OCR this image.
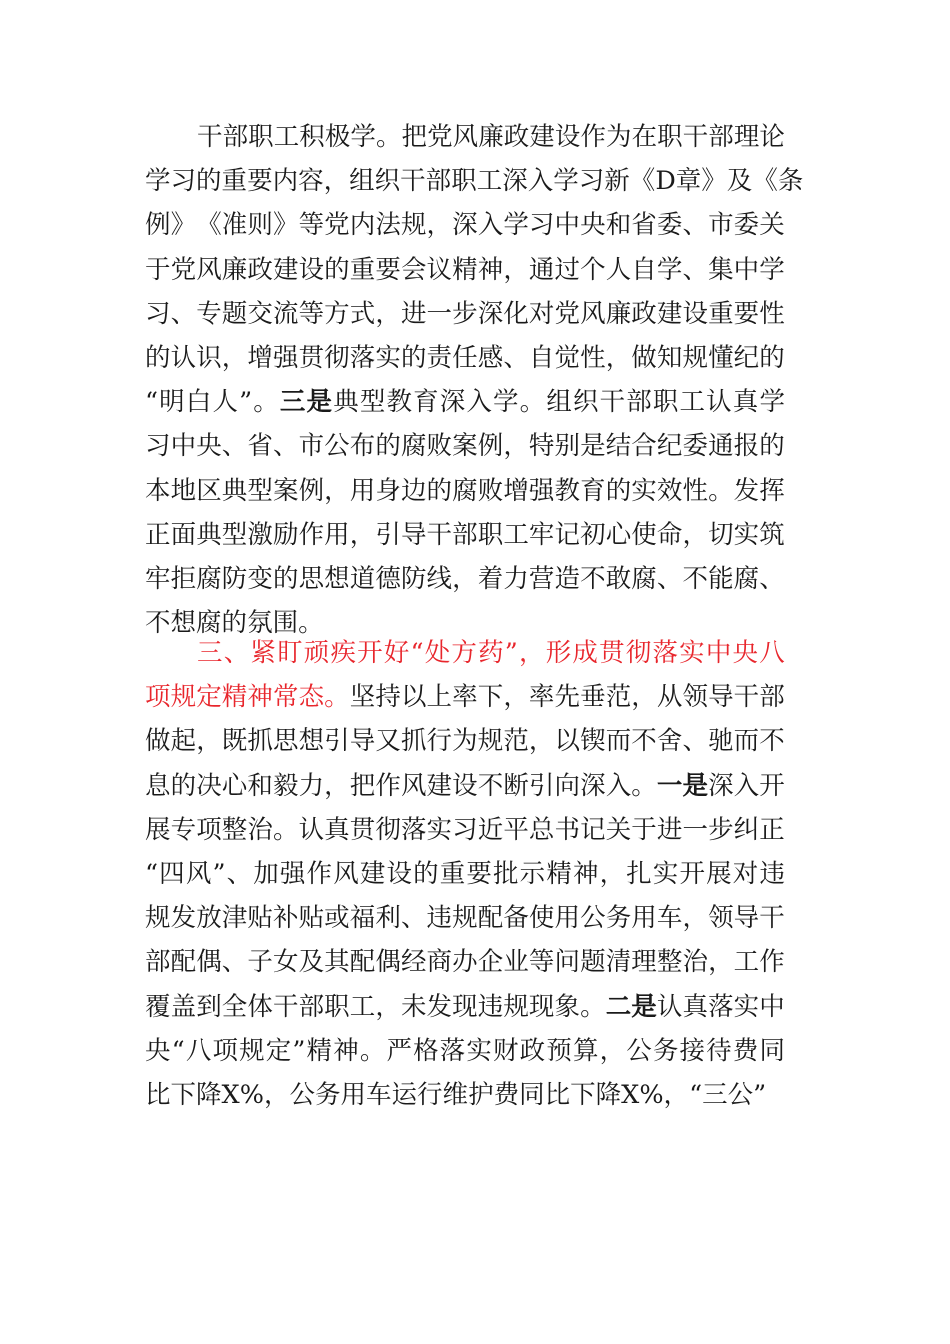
干 部 职 工 积 极 学 。 把 党 风 廉 政 建 设 作 为 在 职 干 部 理 论
学 习 的 重 要 内 容 ， 组 织 干 部 职 工 深 入 学 习 新 《 D 章 》 及 《 条
例 》 《 准 则 》 等 党 内 法 规 ， 深 入 学 习 中 央 和 省 委 、 市 委 关
于 党 风 廉 政 建 设 的 重 要 会 议 精 神 ， 通 过 个 人 自 学 、 集 中 学
习 、 专 题 交 流 等 方 式 ， 进 一 步 深 化 对 党 风 廉 政 建 设 重 要 性
的 认 识 ， 增 强 贯 彻 落 实 的 责 任 感 、 自 觉 性 ， 做 知 规 懂 纪 的
“ 明 白 人 ” 。 三 是 典 型 教 育 深 入 学 。 组 织 干 部 职 工 认 真 学
习 中 央 、 省 、 市 公 布 的 腐 败 案 例 ， 特 别 是 结 合 纪 委 通 报 的
本 地 区 典 型 案 例 ， 用 身 边 的 腐 败 增 强 教 育 的 实 效 性 。 发 挥
正 面 典 型 激 励 作 用 ， 引 导 干 部 职 工 牢 记 初 心 使 命 ， 切 实 筑
牢 拒 腐 防 变 的 思 想 道 德 防 线 ， 着 力 营 造 不 敢 腐 、 不 能 腐 、
不 想 腐 的 氛 围 。
三 、 紧 盯 顽 疾 开 好 “ 处 方 药 ” ， 形 成 贯 彻 落 实 中 央 八
项 规 定 精 神 常 态 。 坚 持 以 上 率 下 ， 率 先 垂 范 ， 从 领 导 干 部
做 起 ， 既 抓 思 想 引 导 又 抓 行 为 规 范 ， 以 锲 而 不 舍 、 驰 而 不
息 的 决 心 和 毅 力 ， 把 作 风 建 设 不 断 引 向 深 入 。 一 是 深 入 开
展 专 项 整 治 。 认 真 贯 彻 落 实 习 近 平 总 书 记 关 于 进 一 步 纠 正
“ 四 风 ” 、 加 强 作 风 建 设 的 重 要 批 示 精 神 ， 扎 实 开 展 对 违
规 发 放 津 贴 补 贴 或 福 利 、 违 规 配 备 使 用 公 务 用 车 ， 领 导 干
部 配 偶 、 子 女 及 其 配 偶 经 商 办 企 业 等 问 题 清 理 整 治 ， 工 作
覆 盖 到 全 体 干 部 职 工 ， 未 发 现 违 规 现 象 。 二 是 认 真 落 实 中
央 “ 八 项 规 定 ” 精 神 。 严 格 落 实 财 政 预 算 ， 公 务 接 待 费 同
比 下 降 X % ， 公 务 用 车 运 行 维 护 费 同 比 下 降 X % ， “ 三 公 ”
